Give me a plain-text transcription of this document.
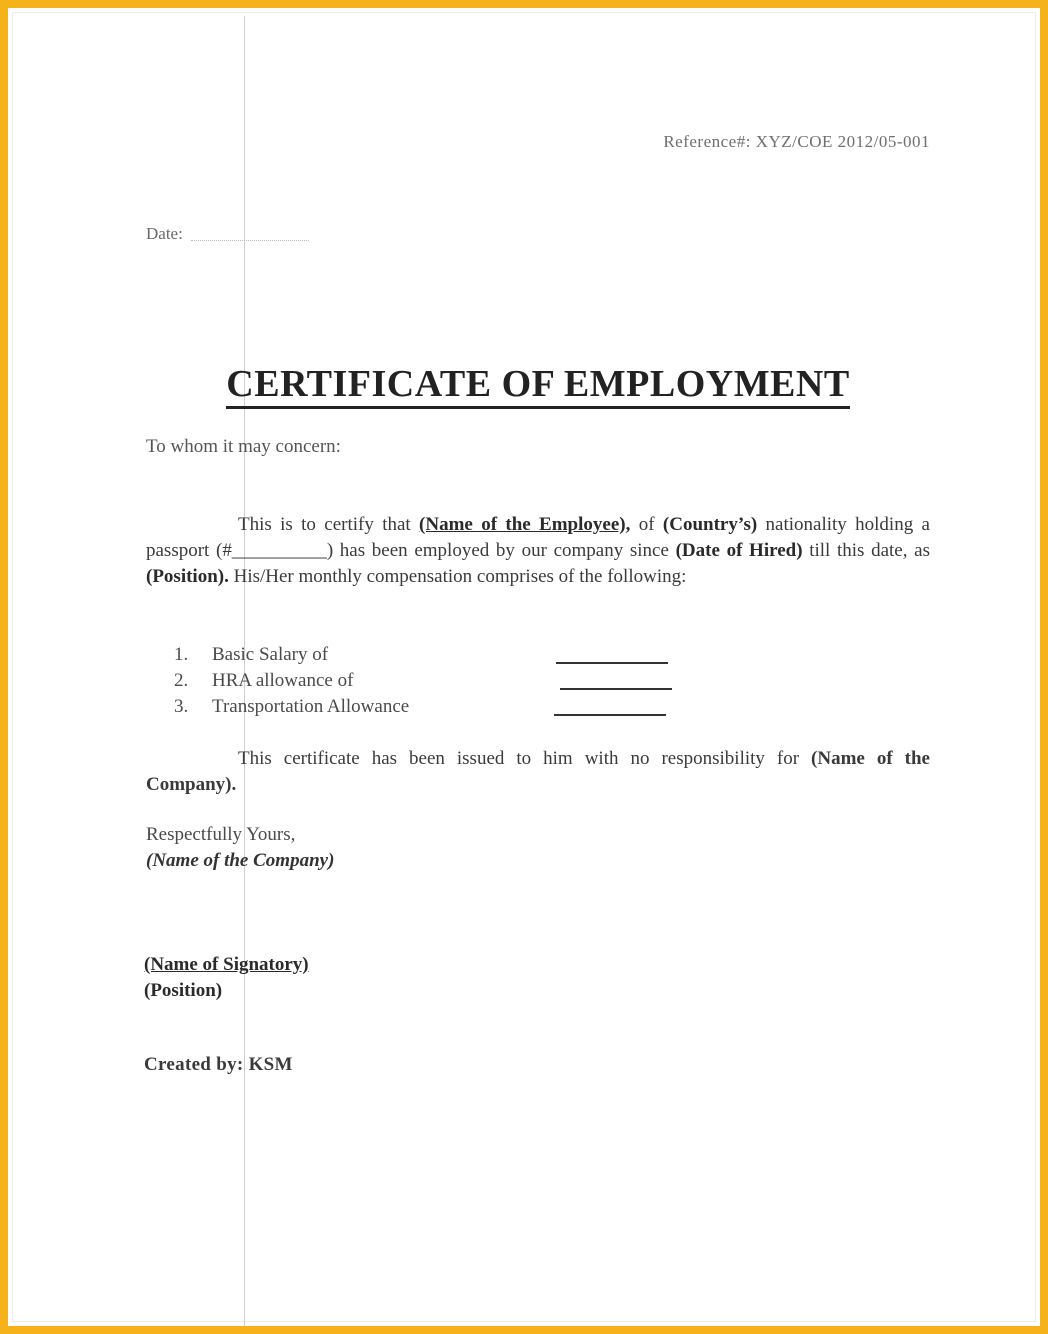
Reference#: XYZ/COE 2012/05-001
Date:
CERTIFICATE OF EMPLOYMENT
To whom it may concern:
This is to certify that (Name of the Employee), of (Country’s) nationality holding a passport (#__________) has been employed by our company since (Date of Hired) till this date, as (Position). His/Her monthly compensation comprises of the following:
1.	Basic Salary of
2.	HRA allowance of
3.	Transportation Allowance
This certificate has been issued to him with no responsibility for (Name of the Company).
Respectfully Yours,
(Name of the Company)
(Name of Signatory)
(Position)
Created by: KSM
